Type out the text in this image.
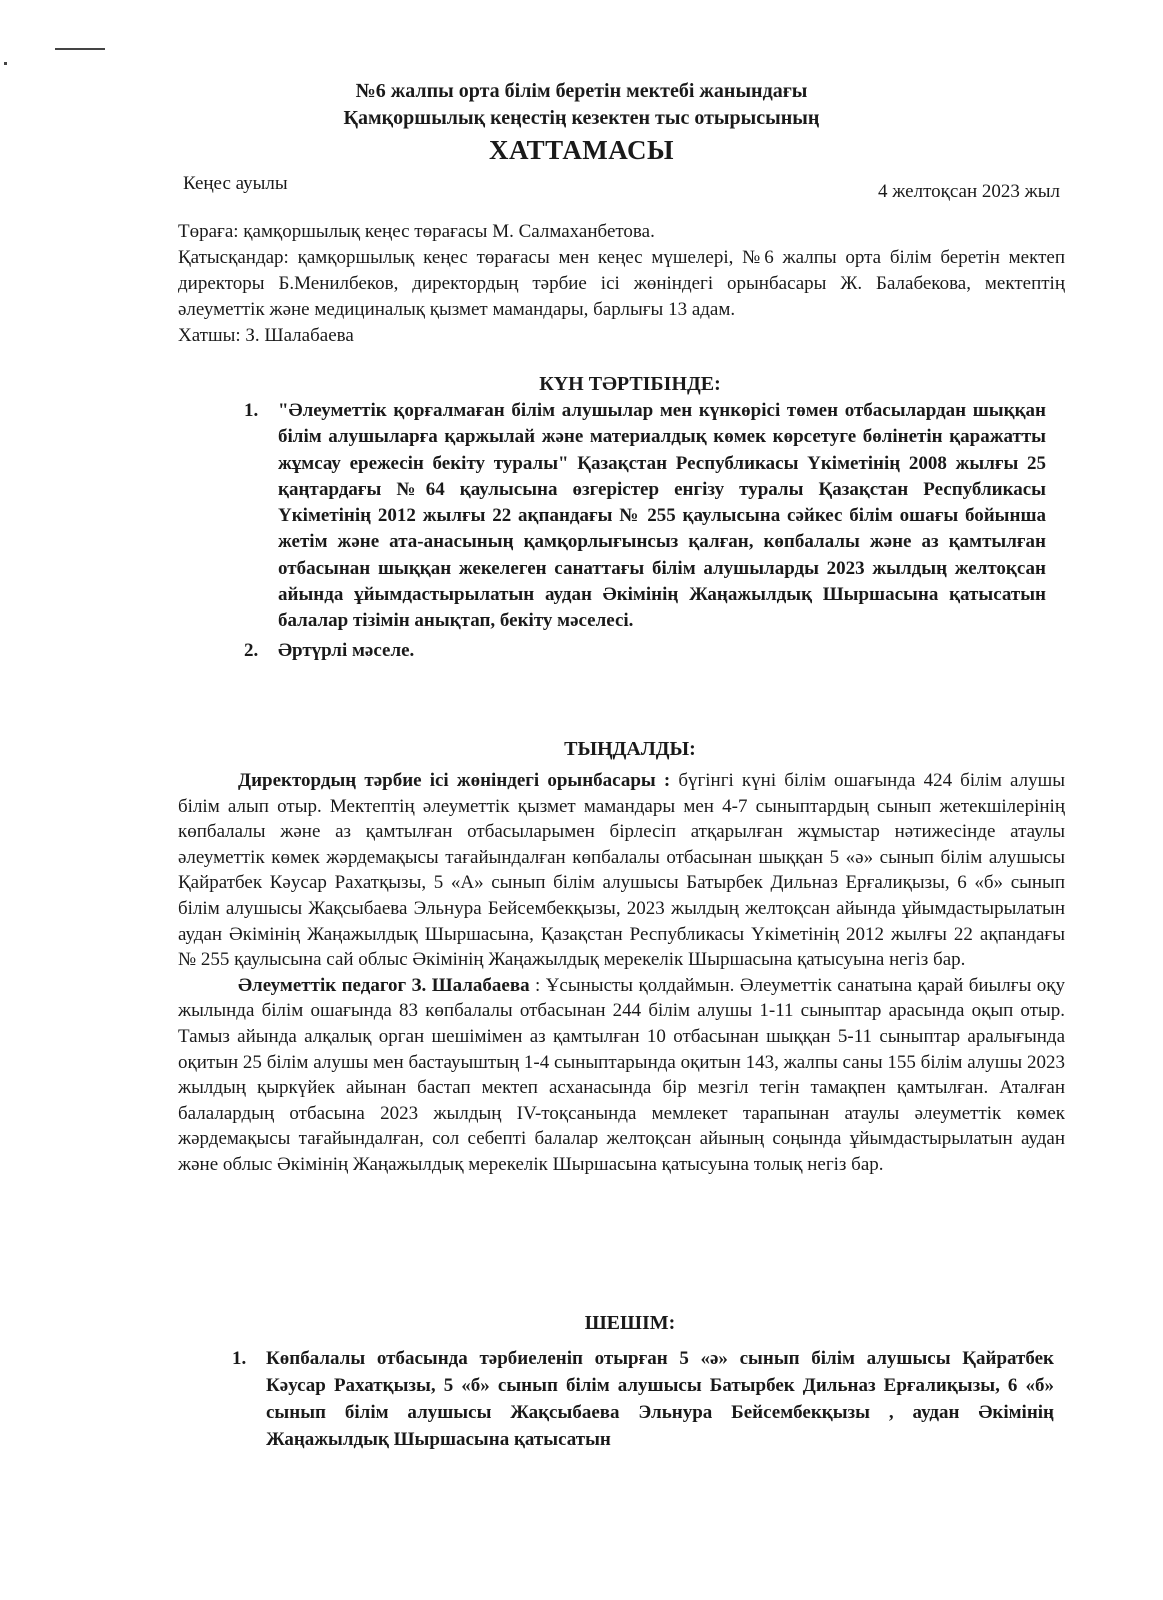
№6 жалпы орта білім беретін мектебі жанындағы
Қамқоршылық кеңестің кезектен тыс отырысының
ХАТТАМАСЫ
Кеңес ауылы	4 желтоқсан 2023 жыл

Төраға: қамқоршылық кеңес төрағасы М. Салмаханбетова.

Қатысқандар: қамқоршылық кеңес төрағасы мен кеңес мүшелері, №6 жалпы орта білім беретін мектеп директоры Б.Менилбеков, директордың тәрбие ісі жөніндегі орынбасары Ж. Балабекова, мектептің әлеуметтік және медициналық қызмет мамандары, барлығы 13 адам.

Хатшы: З. Шалабаева

КҮН ТӘРТІБІНДЕ:
1. "Әлеуметтік қорғалмаған білім алушылар мен күнкөрісі төмен отбасылардан шыққан білім алушыларға қаржылай және материалдық көмек көрсетуге бөлінетін қаражатты жұмсау ережесін бекіту туралы" Қазақстан Республикасы Үкіметінің 2008 жылғы 25 қаңтардағы №64 қаулысына өзгерістер енгізу туралы Қазақстан Республикасы Үкіметінің 2012 жылғы 22 ақпандағы № 255 қаулысына сәйкес білім ошағы бойынша жетім және ата-анасының қамқорлығынсыз қалған, көпбалалы және аз қамтылған отбасынан шыққан жекелеген санаттағы білім алушыларды 2023 жылдың желтоқсан айында ұйымдастырылатын аудан Әкімінің Жаңажылдық Шыршасына қатысатын балалар тізімін анықтап, бекіту мәселесі.
2. Әртүрлі мәселе.
ТЫҢДАЛДЫ:

Директордың тәрбие ісі жөніндегі орынбасары : бүгінгі күні білім ошағында 424 білім алушы білім алып отыр. Мектептің әлеуметтік қызмет мамандары мен 4-7 сыныптардың сынып жетекшілерінің көпбалалы және аз қамтылған отбасыларымен бірлесіп атқарылған жұмыстар нәтижесінде атаулы әлеуметтік көмек жәрдемақысы тағайындалған көпбалалы отбасынан шыққан 5 «ә» сынып білім алушысы Қайратбек Кәусар Рахатқызы, 5 «А» сынып білім алушысы Батырбек Дильназ Ерғалиқызы, 6 «б» сынып білім алушысы Жақсыбаева Эльнура Бейсембекқызы, 2023 жылдың желтоқсан айында ұйымдастырылатын аудан Әкімінің Жаңажылдық Шыршасына, Қазақстан Республикасы Үкіметінің 2012 жылғы 22 ақпандағы № 255 қаулысына сай облыс Әкімінің Жаңажылдық мерекелік Шыршасына қатысуына негіз бар.

Әлеуметтік педагог З. Шалабаева : Ұсынысты қолдаймын. Әлеуметтік санатына қарай биылғы оқу жылында білім ошағында 83 көпбалалы отбасынан 244 білім алушы 1-11 сыныптар арасында оқып отыр. Тамыз айында алқалық орган шешімімен аз қамтылған 10 отбасынан шыққан 5-11 сыныптар аралығында оқитын 25 білім алушы мен бастауыштың 1-4 сыныптарында оқитын 143, жалпы саны 155 білім алушы 2023 жылдың қыркүйек айынан бастап мектеп асханасында бір мезгіл тегін тамақпен қамтылған. Аталған балалардың отбасына 2023 жылдың IV-тоқсанында мемлекет тарапынан атаулы әлеуметтік көмек жәрдемақысы тағайындалған, сол себепті балалар желтоқсан айының соңында ұйымдастырылатын аудан және облыс Әкімінің Жаңажылдық мерекелік Шыршасына қатысуына толық негіз бар.

ШЕШІМ:
1. Көпбалалы отбасында тәрбиеленіп отырған 5 «ә» сынып білім алушысы Қайратбек Кәусар Рахатқызы, 5 «б» сынып білім алушысы Батырбек Дильназ Ерғалиқызы, 6 «б» сынып білім алушысы Жақсыбаева Эльнура Бейсембекқызы , аудан Әкімінің Жаңажылдық Шыршасына қатысатын
